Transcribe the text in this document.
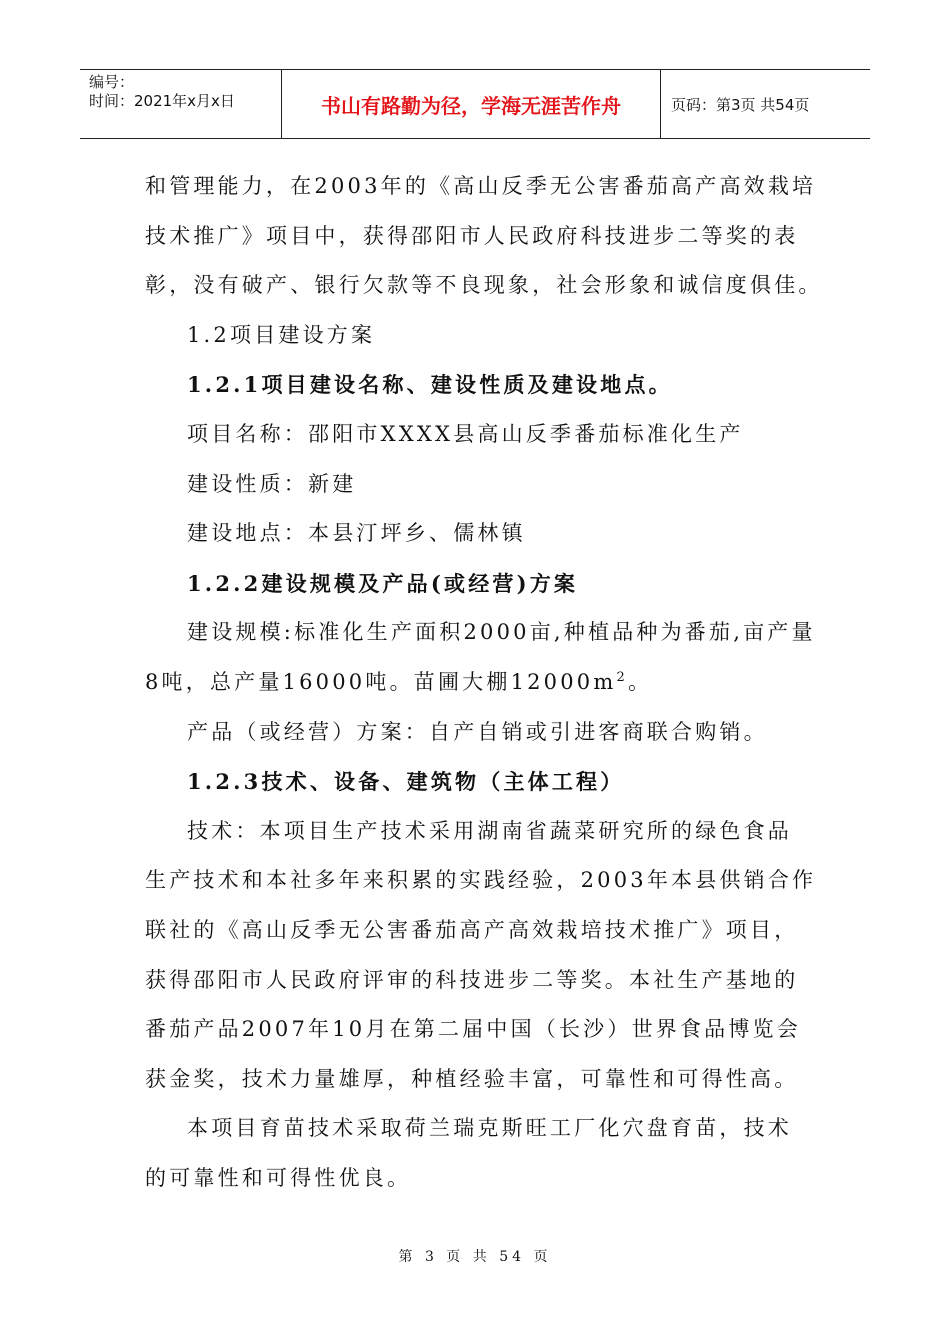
编号：
时间：2021年x月x日	书山有路勤为径，学海无涯苦作舟	页码：第3页 共54页

和管理能力，在2003年的《高山反季无公害番茄高产高效栽培

技术推广》项目中，获得邵阳市人民政府科技进步二等奖的表

彰，没有破产、银行欠款等不良现象，社会形象和诚信度俱佳。

1.2项目建设方案

1.2.1项目建设名称、建设性质及建设地点。

项目名称：邵阳市XXXX县高山反季番茄标准化生产

建设性质：新建

建设地点：本县汀坪乡、儒林镇

1.2.2建设规模及产品(或经营)方案

建设规模:标准化生产面积2000亩,种植品种为番茄,亩产量

8吨，总产量16000吨。苗圃大棚$12000m^2$。

产品（或经营）方案：自产自销或引进客商联合购销。

1.2.3技术、设备、建筑物（主体工程）

技术：本项目生产技术采用湖南省蔬菜研究所的绿色食品

生产技术和本社多年来积累的实践经验，2003年本县供销合作

联社的《高山反季无公害番茄高产高效栽培技术推广》项目，

获得邵阳市人民政府评审的科技进步二等奖。本社生产基地的

番茄产品2007年10月在第二届中国（长沙）世界食品博览会

获金奖，技术力量雄厚，种植经验丰富，可靠性和可得性高。

本项目育苗技术采取荷兰瑞克斯旺工厂化穴盘育苗，技术

的可靠性和可得性优良。

第 3 页 共 54 页
